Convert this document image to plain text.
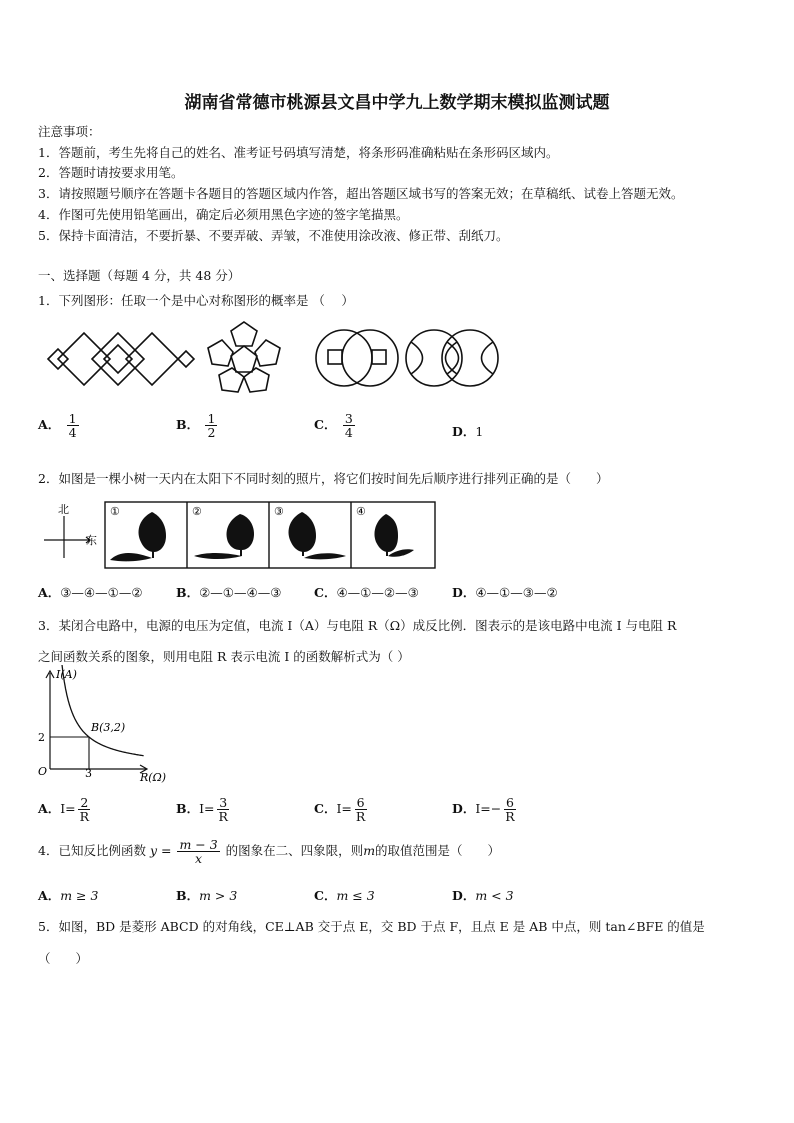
湖南省常德市桃源县文昌中学九上数学期末模拟监测试题
注意事项：
1．答题前，考生先将自己的姓名、准考证号码填写清楚，将条形码准确粘贴在条形码区域内。
2．答题时请按要求用笔。
3．请按照题号顺序在答题卡各题目的答题区域内作答，超出答题区域书写的答案无效；在草稿纸、试卷上答题无效。
4．作图可先使用铅笔画出，确定后必须用黑色字迹的签字笔描黑。
5．保持卡面清洁，不要折暴、不要弄破、弄皱，不准使用涂改液、修正带、刮纸刀。
一、选择题（每题 4 分，共 48 分）
1．下列图形：任取一个是中心对称图形的概率是 （　 ）
A． $\frac{1}{4}$	B． $\frac{1}{2}$	C． $\frac{3}{4}$	D．1
2．如图是一棵小树一天内在太阳下不同时刻的照片，将它们按时间先后顺序进行排列正确的是（　　）
北
东
①	②	③	④
A．③—④—①—②	B．②—①—④—③	C．④—①—②—③	D．④—①—③—②
3．某闭合电路中，电源的电压为定值，电流 I（A）与电阻 R（Ω）成反比例．图表示的是该电路中电流 I 与电阻 R
之间函数关系的图象，则用电阻 R 表示电流 I 的函数解析式为（ ）
I(A)
R(Ω)
O	3
2
B(3,2)
A．$I= \frac{2}{R}$	B．$I= \frac{3}{R}$	C．$I= \frac{6}{R}$	D．$I=- \frac{6}{R}$
4．已知反比例函数 $y = \frac{m - 3}{x}$ 的图象在二、四象限，则m的取值范围是（　　）
A．m ≥ 3	B．m > 3	C．m ≤ 3	D．m < 3
5．如图，BD 是菱形 ABCD 的对角线，CE⊥AB 交于点 E，交 BD 于点 F，且点 E 是 AB 中点，则 tan∠BFE 的值是
（　　）
